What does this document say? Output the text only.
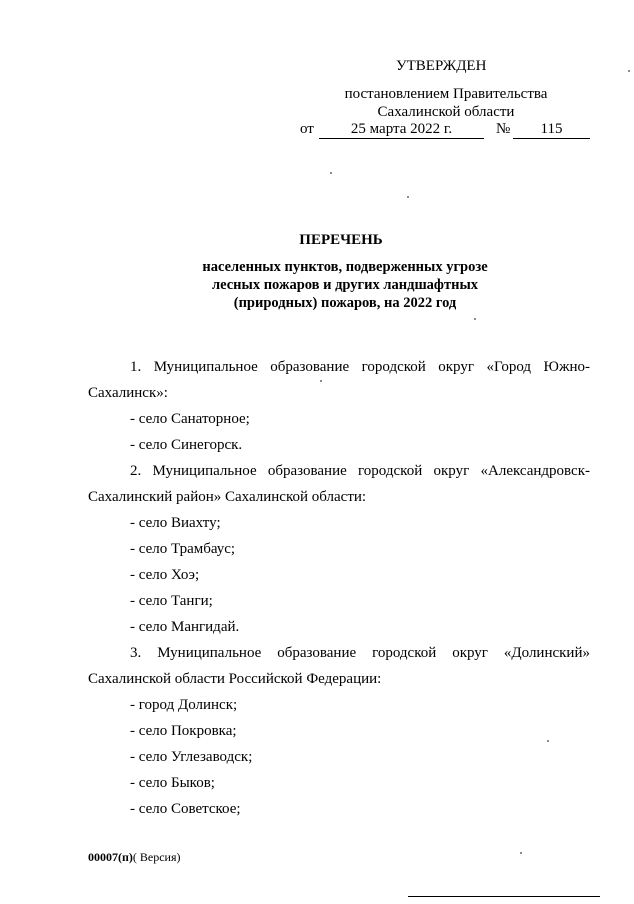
УТВЕРЖДЕН
постановлением Правительства
Сахалинской области
от	25 марта 2022 г.	№	115
ПЕРЕЧЕНЬ
населенных пунктов, подверженных угрозе
лесных пожаров и других ландшафтных
(природных) пожаров, на 2022 год
1. Муниципальное образование городской округ «Город Южно-
Сахалинск»:
- село Санаторное;
- село Синегорск.
2. Муниципальное образование городской округ «Александровск-
Сахалинский район» Сахалинской области:
- село Виахту;
- село Трамбаус;
- село Хоэ;
- село Танги;
- село Мангидай.
3. Муниципальное образование городской округ «Долинский»
Сахалинской области Российской Федерации:
- город Долинск;
- село Покровка;
- село Углезаводск;
- село Быков;
- село Советское;
00007(п)( Версия)
